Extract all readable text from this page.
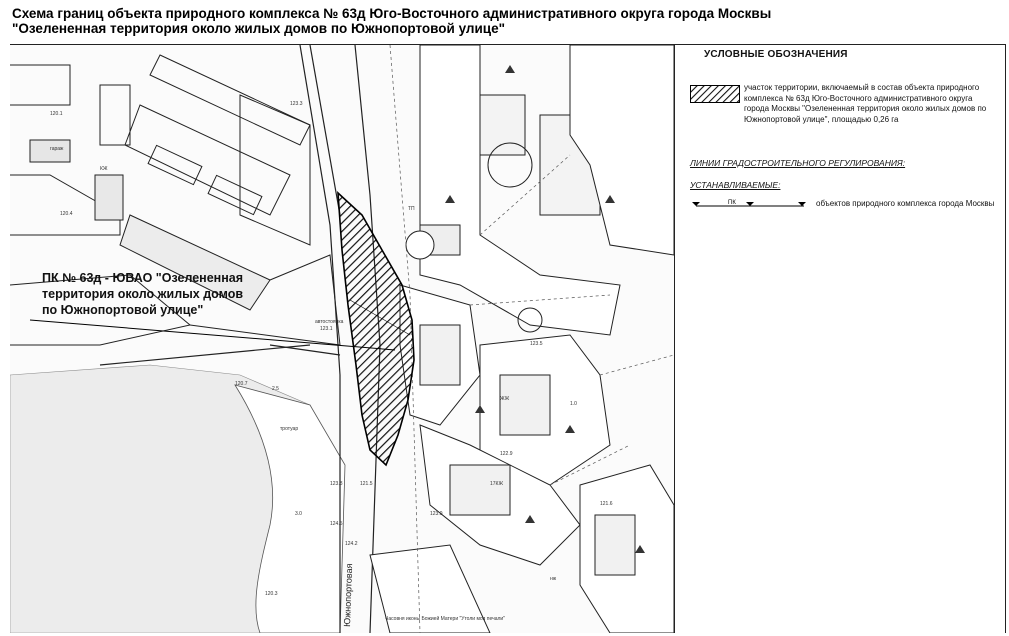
Схема границ объекта природного комплекса № 63д Юго-Восточного административного округа города Москвы
"Озелененная территория около жилых домов по Южнопортовой улице"
120.1
120.4
123.3
123.1
123.8
124.5
120.7
2.5
3.0
120.3
124.2
121.5
123.9
КЖ
гараж
автостоянка
тротуар
17КЖ
ЖЖ
ТП
нж
1.0
122.9
121.6
123.5
Часовня иконы Божией Матери "Утоли моя печали"
Южнопортовая
ПК № 63д - ЮВАО "Озелененная
территория около жилых домов
по Южнопортовой улице"
УСЛОВНЫЕ ОБОЗНАЧЕНИЯ
участок территории, включаемый в состав объекта природного комплекса № 63д Юго-Восточного административного округа города Москвы "Озелененная территория около жилых домов по Южнопортовой улице", площадью 0,26 га
ЛИНИИ ГРАДОСТРОИТЕЛЬНОГО РЕГУЛИРОВАНИЯ:
УСТАНАВЛИВАЕМЫЕ:
ПК	объектов природного комплекса города Москвы
